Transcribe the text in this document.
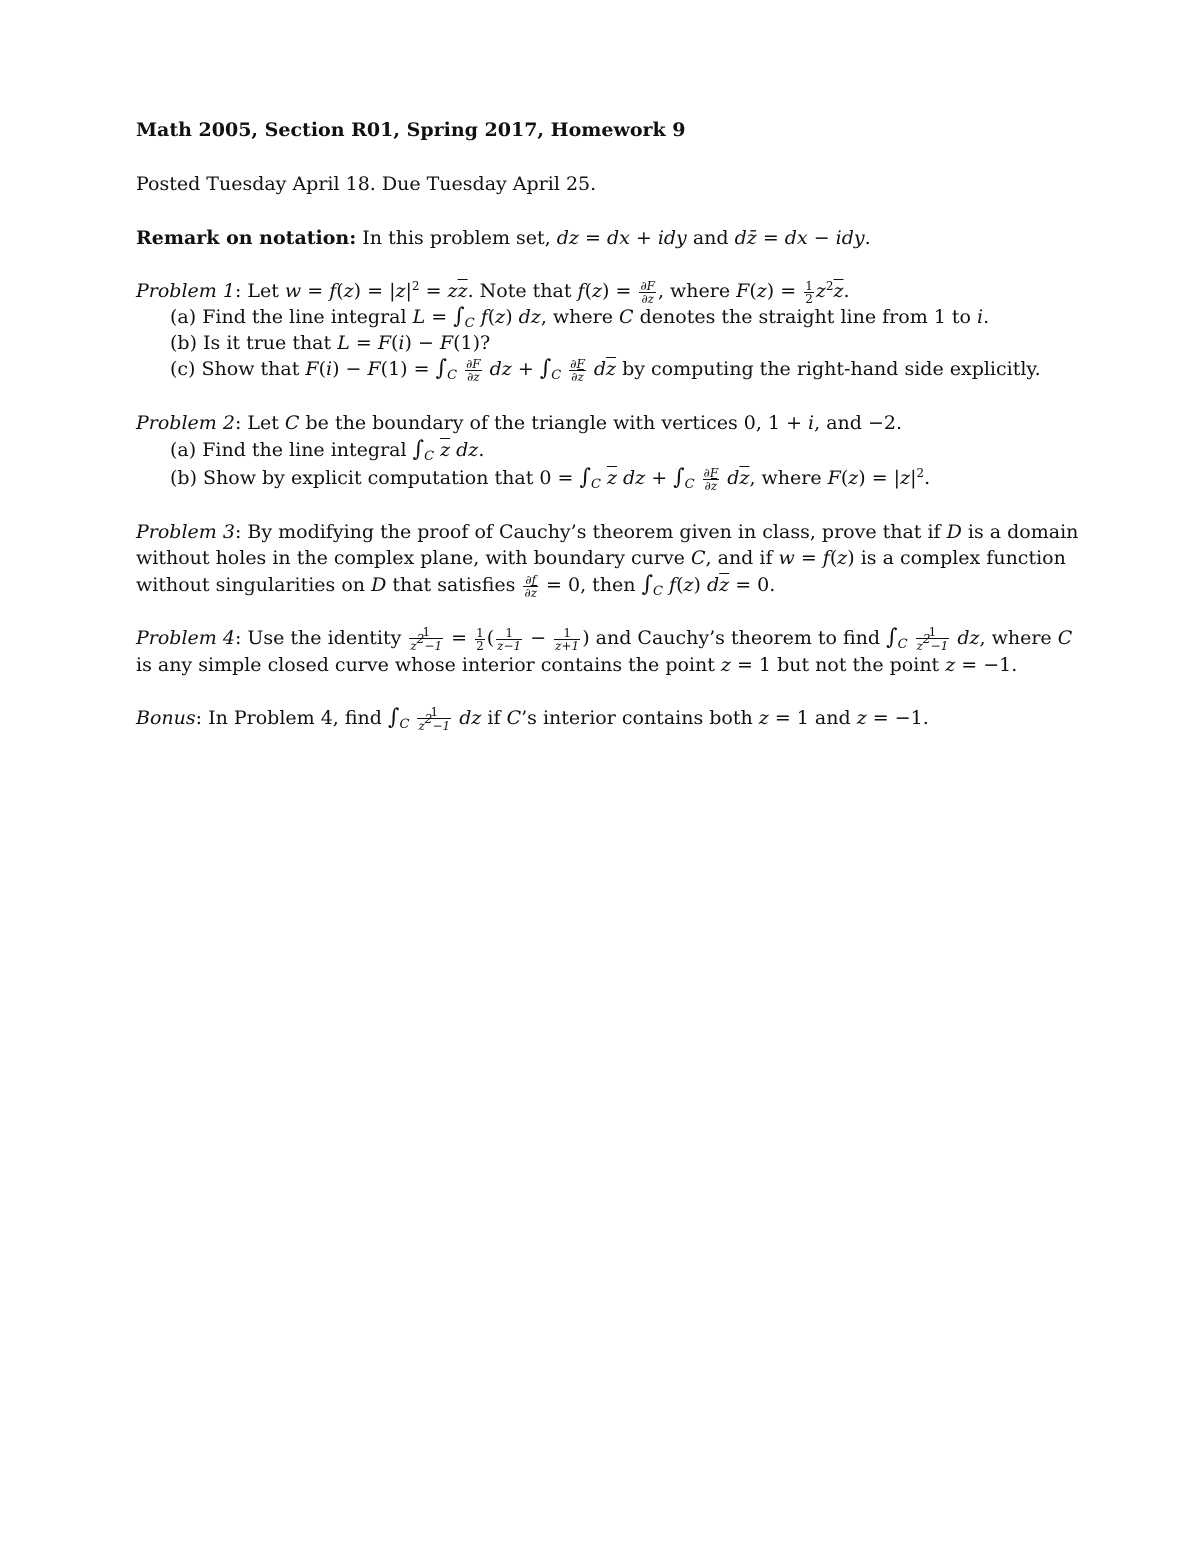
Math 2005, Section R01, Spring 2017, Homework 9
Posted Tuesday April 18. Due Tuesday April 25.
Remark on notation: In this problem set, dz = dx + idy and dz̄ = dx − idy.
Problem 1: Let $w = f(z) = |z|^2 = z\overline{z}$. Note that $f(z) = \frac{\partial F}{\partial z}$ , where $F(z) = \frac{1}{2} z^2\overline{z}$.
(a) Find the line integral $L = \int_C$ f(z) dz, where C denotes the straight line from 1 to i.
(b) Is it true that L = F(i) − F(1)?
(c) Show that $F(i) - F(1) = \int_C \frac{\partial F}{\partial z}$ dz + $\int_C \frac{\partial F}{\partial\overline{z}} d\overline{z}$ by computing the right-hand side explicitly.
Problem 2: Let C be the boundary of the triangle with vertices 0, 1 + i, and −2.
(a) Find the line integral $\int_C$ $\overline{z}$ dz.
(b) Show by explicit computation that $0 = \int_C$ $\overline{z}$ dz + $\int_C \frac{\partial F}{\partial\overline{z}} d\overline{z}$, where $F(z) = |z|^2$.
Problem 3: By modifying the proof of Cauchy’s theorem given in class, prove that if D is a domain
without holes in the complex plane, with boundary curve C, and if w = f(z) is a complex function
without singularities on D that satisfies $\frac{\partial f}{\partial\overline{z}} = 0$, then $\int_C$ f(z) $d\overline{z} = 0$.
Problem 4: Use the identity $\frac{1}{z^2-1} = \frac{1}{2}$ ( $\frac{1}{z-1} - \frac{1}{z+1}$ ) and Cauchy’s theorem to find $\int_C \frac{1}{z^2-1}$ dz, where C
is any simple closed curve whose interior contains the point z = 1 but not the point z = −1.
Bonus: In Problem 4, find $\int_C \frac{1}{z^2-1}$ dz if C’s interior contains both z = 1 and z = −1.
